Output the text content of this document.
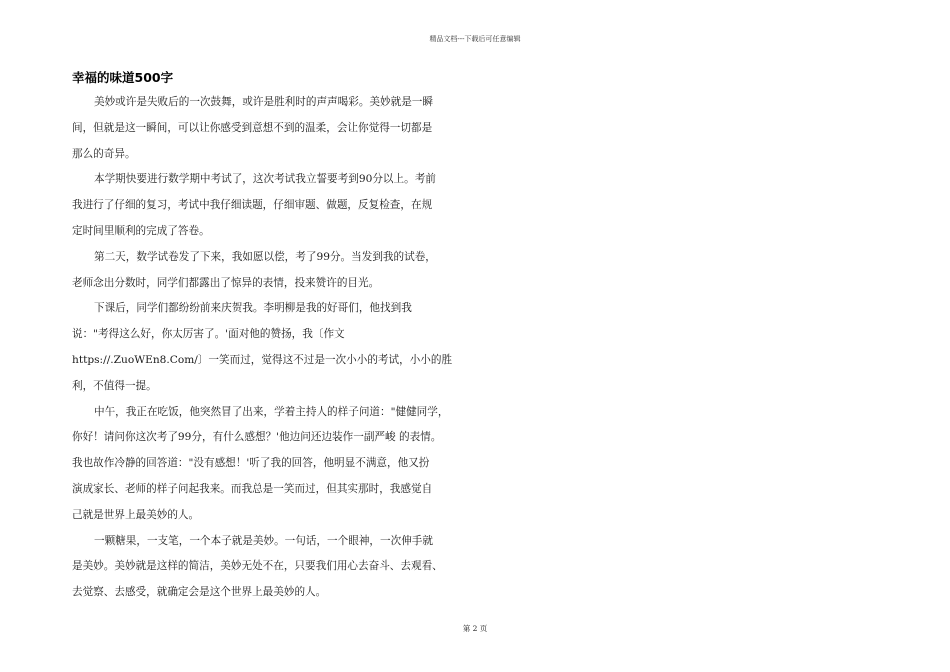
精品文档---下载后可任意编辑
幸福的味道500字
美妙或许是失败后的一次鼓舞，或许是胜利时的声声喝彩。美妙就是一瞬
间，但就是这一瞬间，可以让你感受到意想不到的温柔，会让你觉得一切都是
那么的奇异。
本学期快要进行数学期中考试了，这次考试我立誓要考到90分以上。考前
我进行了仔细的复习，考试中我仔细读题，仔细审题、做题，反复检查，在规
定时间里顺利的完成了答卷。
第二天，数学试卷发了下来，我如愿以偿，考了99分。当发到我的试卷，
老师念出分数时，同学们都露出了惊异的表情，投来赞许的目光。
下课后，同学们都纷纷前来庆贺我。李明柳是我的好哥们，他找到我
说："考得这么好，你太厉害了。'面对他的赞扬，我〔作文
https://.ZuoWEn8.Com/〕一笑而过，觉得这不过是一次小小的考试，小小的胜
利，不值得一提。
中午，我正在吃饭，他突然冒了出来，学着主持人的样子问道："健健同学，
你好！请问你这次考了99分，有什么感想？'他边问还边装作一副严峻 的表情。
我也故作冷静的回答道："没有感想！'听了我的回答，他明显不满意，他又扮
演成家长、老师的样子问起我来。而我总是一笑而过，但其实那时，我感觉自
己就是世界上最美妙的人。
一颗糖果，一支笔，一个本子就是美妙。一句话，一个眼神，一次伸手就
是美妙。美妙就是这样的简洁，美妙无处不在，只要我们用心去奋斗、去观看、
去觉察、去感受，就确定会是这个世界上最美妙的人。
第 2 页
